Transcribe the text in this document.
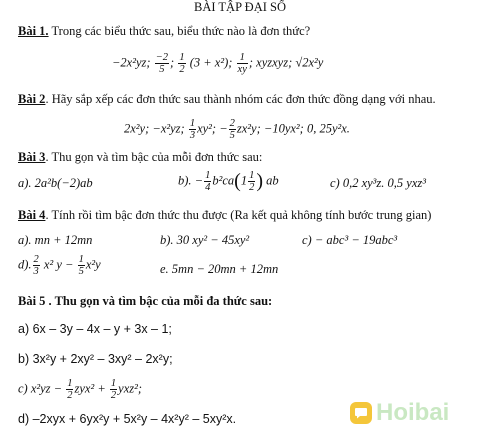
BÀI TẬP ĐẠI SỐ
Bài 1. Trong các biểu thức sau, biểu thức nào là đơn thức?
−2x²yz; $\frac{-2}{5}$ ; $\frac{1}{2} (3 + x^2)$; $\frac{1}{xy}$ ; xyzxyz; √2x²y
Bài 2. Hãy sắp xếp các đơn thức sau thành nhóm các đơn thức đồng dạng với nhau.
2x²y; −x²yz; $\frac{1}{3} xy^2$; − $\frac{2}{5} zx^2y$; −10yx²; 0, 25y²x.
Bài 3. Thu gọn và tìm bậc của mỗi đơn thức sau:
a). 2a²b(−2)ab	b). − $\frac{1}{4} b^2ca(1 \frac{1}{2}$ ) ab	c) 0,2 xy³z. 0,5 yxz³
Bài 4. Tính rồi tìm bậc đơn thức thu được (Ra kết quả không tính bước trung gian)
a). mn + 12mn	b). 30 xy² − 45xy²	c) − abc³ − 19abc³
d). $\frac{2}{3} x^2$ $y - \frac{1}{5} x^2y$	e. 5mn − 20mn + 12mn
Bài 5 . Thu gọn và tìm bậc của mỗi đa thức sau:
a) 6x – 3y – 4x – y + 3x – 1;
b) 3x²y + 2xy² – 3xy² – 2x²y;
c) $x^2yz - \frac{1}{2} zyx^2 + \frac{1}{2} yxz^2$;
d) –2xyx + 6yx²y + 5x²y – 4x²y² – 5xy²x.	Hoibai
